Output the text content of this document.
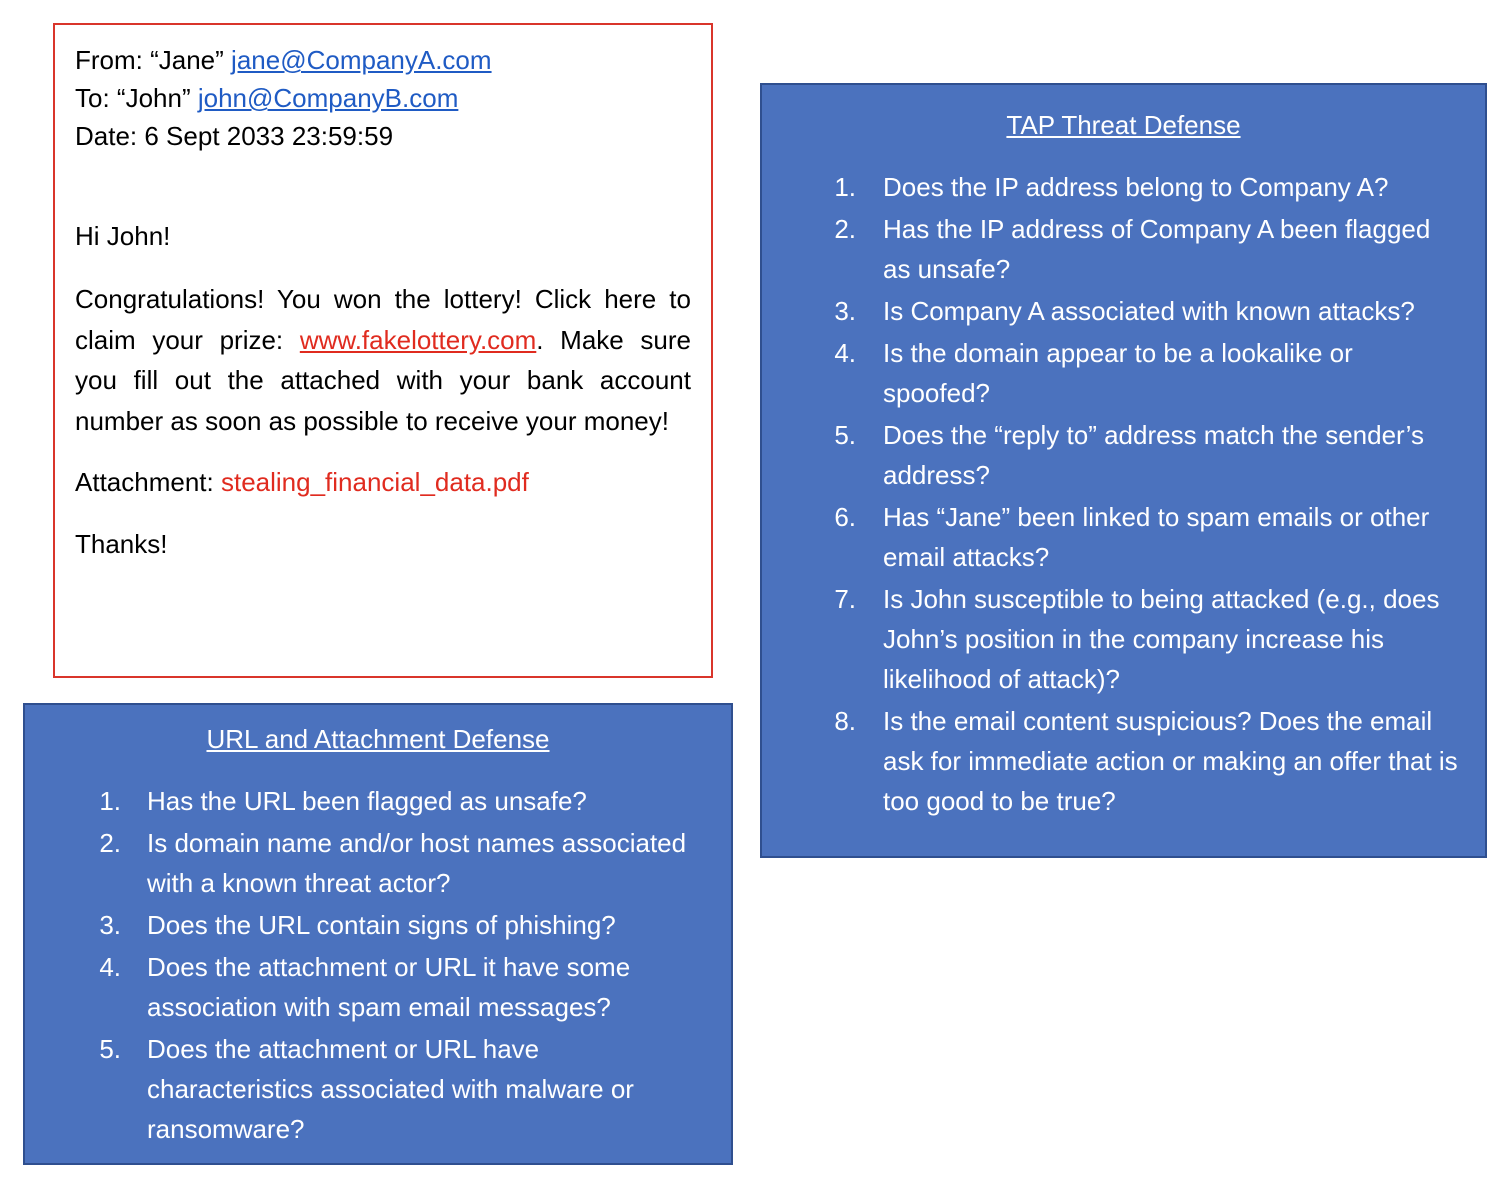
From: “Jane” jane@CompanyA.com
To: “John” john@CompanyB.com
Date: 6 Sept 2033 23:59:59
Hi John!
Congratulations! You won the lottery! Click here to claim your prize: www.fakelottery.com. Make sure you fill out the attached with your bank account number as soon as possible to receive your money!
Attachment: stealing_financial_data.pdf
Thanks!
TAP Threat Defense
1. Does the IP address belong to Company A?
2. Has the IP address of Company A been flagged as unsafe?
3. Is Company A associated with known attacks?
4. Is the domain appear to be a lookalike or spoofed?
5. Does the “reply to” address match the sender’s address?
6. Has “Jane” been linked to spam emails or other email attacks?
7. Is John susceptible to being attacked (e.g., does John’s position in the company increase his likelihood of attack)?
8. Is the email content suspicious? Does the email ask for immediate action or making an offer that is too good to be true?
URL and Attachment Defense
1. Has the URL been flagged as unsafe?
2. Is domain name and/or host names associated with a known threat actor?
3. Does the URL contain signs of phishing?
4. Does the attachment or URL it have some association with spam email messages?
5. Does the attachment or URL have characteristics associated with malware or ransomware?
